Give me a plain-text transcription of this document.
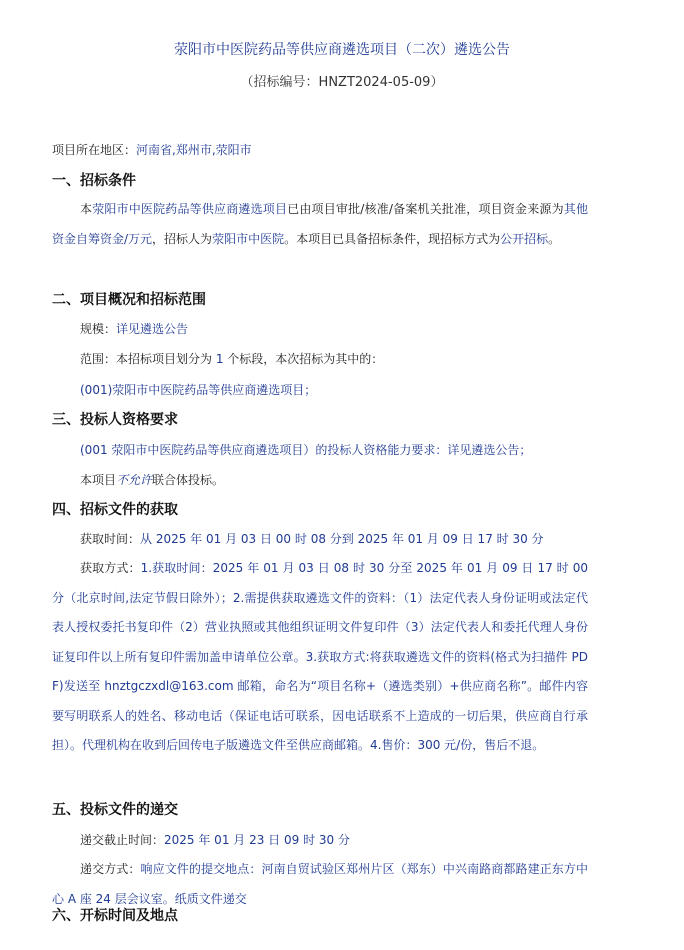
荥阳市中医院药品等供应商遴选项目（二次）遴选公告
（招标编号：HNZT2024-05-09）
项目所在地区：河南省,郑州市,荥阳市
一、招标条件
本荥阳市中医院药品等供应商遴选项目已由项目审批/核准/备案机关批准，项目资金来源为其他资金自筹资金/万元，招标人为荥阳市中医院。本项目已具备招标条件，现招标方式为公开招标。
二、项目概况和招标范围
规模：详见遴选公告
范围：本招标项目划分为 1 个标段，本次招标为其中的：
(001)荥阳市中医院药品等供应商遴选项目；
三、投标人资格要求
(001 荥阳市中医院药品等供应商遴选项目）的投标人资格能力要求：详见遴选公告；
本项目不允许联合体投标。
四、招标文件的获取
获取时间：从 2025 年 01 月 03 日 00 时 08 分到 2025 年 01 月 09 日 17 时 30 分
获取方式：1.获取时间：2025 年 01 月 03 日 08 时 30 分至 2025 年 01 月 09 日 17 时 00 分（北京时间,法定节假日除外）；2.需提供获取遴选文件的资料：（1）法定代表人身份证明或法定代表人授权委托书复印件（2）营业执照或其他组织证明文件复印件（3）法定代表人和委托代理人身份证复印件以上所有复印件需加盖申请单位公章。3.获取方式:将获取遴选文件的资料(格式为扫描件 PDF)发送至 hnztgczxdl@163.com 邮箱，命名为“项目名称+（遴选类别）+供应商名称”。邮件内容要写明联系人的姓名、移动电话（保证电话可联系，因电话联系不上造成的一切后果，供应商自行承担）。代理机构在收到后回传电子版遴选文件至供应商邮箱。4.售价：300 元/份，售后不退。
五、投标文件的递交
递交截止时间：2025 年 01 月 23 日 09 时 30 分
递交方式：响应文件的提交地点：河南自贸试验区郑州片区（郑东）中兴南路商都路建正东方中心 A 座 24 层会议室。纸质文件递交
六、开标时间及地点
